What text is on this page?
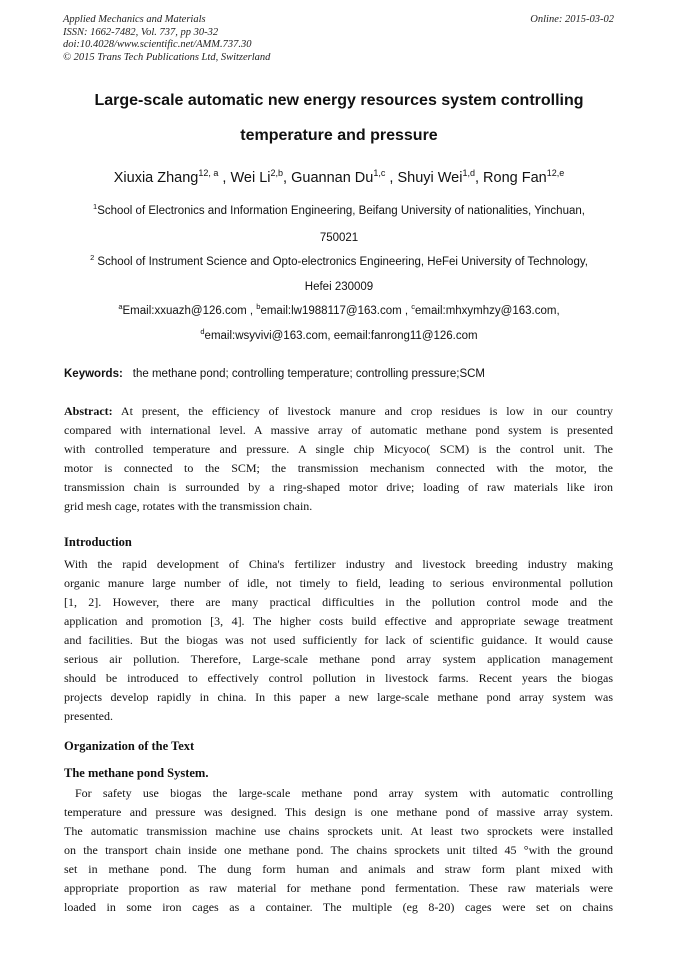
Applied Mechanics and Materials
ISSN: 1662-7482, Vol. 737, pp 30-32
doi:10.4028/www.scientific.net/AMM.737.30
© 2015 Trans Tech Publications Ltd, Switzerland
Online: 2015-03-02
Large-scale automatic new energy resources system controlling
temperature and pressure
Xiuxia Zhang$^{12, a}$ , Wei Li$^{2,b}$, Guannan Du$^{1,c}$ , Shuyi Wei$^{1,d}$, Rong Fan$^{12,e}$
$^1$School of Electronics and Information Engineering, Beifang University of nationalities, Yinchuan,
750021
$^2$ School of Instrument Science and Opto-electronics Engineering, HeFei University of Technology,
Hefei 230009
$^a$Email:xxuazh@126.com , $^b$email:lw1988117@163.com , $^c$email:mhxymhzy@163.com,
$^d$email:wsyvivi@163.com, eemail:fanrong11@126.com
Keywords: the methane pond; controlling temperature; controlling pressure;SCM
Abstract: At present, the efficiency of livestock manure and crop residues is low in our country
compared with international level. A massive array of automatic methane pond system is presented
with controlled temperature and pressure. A single chip Micyoco( SCM) is the control unit. The
motor is connected to the SCM; the transmission mechanism connected with the motor, the
transmission chain is surrounded by a ring-shaped motor drive; loading of raw materials like iron
grid mesh cage, rotates with the transmission chain.
Introduction
With the rapid development of China's fertilizer industry and livestock breeding industry making
organic manure large number of idle, not timely to field, leading to serious environmental pollution
[1, 2]. However, there are many practical difficulties in the pollution control mode and the
application and promotion [3, 4]. The higher costs build effective and appropriate sewage treatment
and facilities. But the biogas was not used sufficiently for lack of scientific guidance. It would cause
serious air pollution. Therefore, Large-scale methane pond array system application management
should be introduced to effectively control pollution in livestock farms. Recent years the biogas
projects develop rapidly in china. In this paper a new large-scale methane pond array system was
presented.
Organization of the Text
The methane pond System.
For safety use biogas the large-scale methane pond array system with automatic controlling
temperature and pressure was designed. This design is one methane pond of massive array system.
The automatic transmission machine use chains sprockets unit. At least two sprockets were installed
on the transport chain inside one methane pond. The chains sprockets unit tilted 45 °with the ground
set in methane pond. The dung form human and animals and straw form plant mixed with
appropriate proportion as raw material for methane pond fermentation. These raw materials were
loaded in some iron cages as a container. The multiple (eg 8-20) cages were set on chains
